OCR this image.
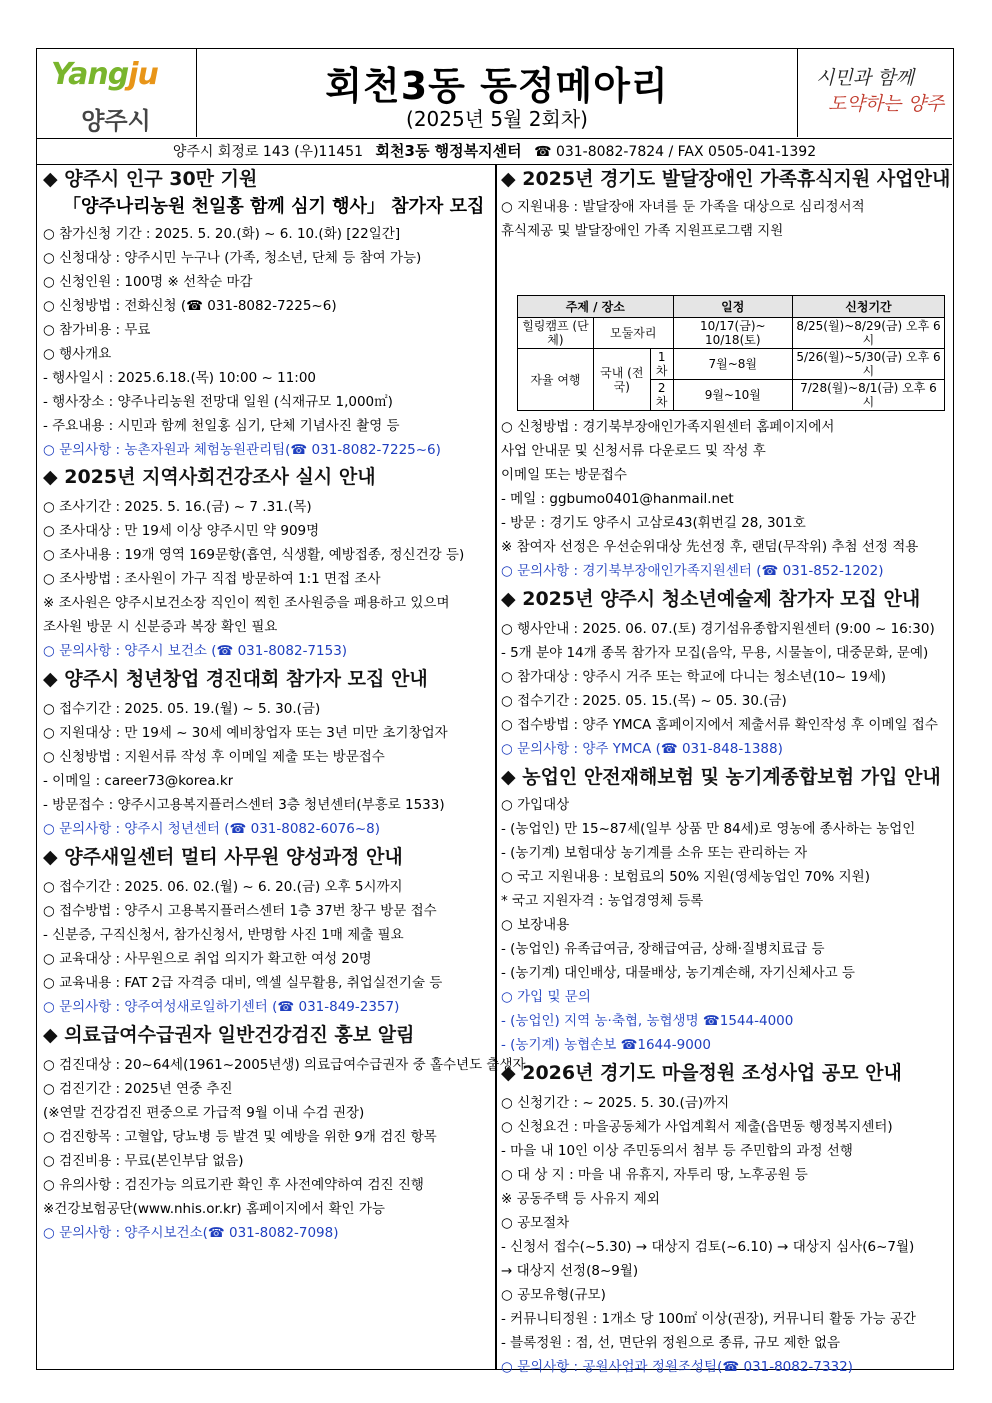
Yangju
양주시
회천3동 동정메아리
(2025년 5월 2회차)
시민과 함께
도약하는 양주
양주시 회정로 143 (우)11451 회천3동 행정복지센터 ☎ 031-8082-7824 / FAX 0505-041-1392
◆ 양주시 인구 30만 기원
「양주나리농원 천일홍 함께 심기 행사」 참가자 모집
○ 참가신청 기간 : 2025. 5. 20.(화) ~ 6. 10.(화) [22일간]
○ 신청대상 : 양주시민 누구나 (가족, 청소년, 단체 등 참여 가능)
○ 신청인원 : 100명 ※ 선착순 마감
○ 신청방법 : 전화신청 (☎ 031-8082-7225~6)
○ 참가비용 : 무료
○ 행사개요
- 행사일시 : 2025.6.18.(목) 10:00 ~ 11:00
- 행사장소 : 양주나리농원 전망대 일원 (식재규모 1,000㎡)
- 주요내용 : 시민과 함께 천일홍 심기, 단체 기념사진 촬영 등
○ 문의사항 : 농촌자원과 체험농원관리팀(☎ 031-8082-7225~6)
◆ 2025년 지역사회건강조사 실시 안내
○ 조사기간 : 2025. 5. 16.(금) ~ 7 .31.(목)
○ 조사대상 : 만 19세 이상 양주시민 약 909명
○ 조사내용 : 19개 영역 169문항(흡연, 식생활, 예방접종, 정신건강 등)
○ 조사방법 : 조사원이 가구 직접 방문하여 1:1 면접 조사
※ 조사원은 양주시보건소장 직인이 찍힌 조사원증을 패용하고 있으며
조사원 방문 시 신분증과 복장 확인 필요
○ 문의사항 : 양주시 보건소 (☎ 031-8082-7153)
◆ 양주시 청년창업 경진대회 참가자 모집 안내
○ 접수기간 : 2025. 05. 19.(월) ~ 5. 30.(금)
○ 지원대상 : 만 19세 ~ 30세 예비창업자 또는 3년 미만 초기창업자
○ 신청방법 : 지원서류 작성 후 이메일 제출 또는 방문접수
- 이메일 : career73@korea.kr
- 방문접수 : 양주시고용복지플러스센터 3층 청년센터(부흥로 1533)
○ 문의사항 : 양주시 청년센터 (☎ 031-8082-6076~8)
◆ 양주새일센터 멀티 사무원 양성과정 안내
○ 접수기간 : 2025. 06. 02.(월) ~ 6. 20.(금) 오후 5시까지
○ 접수방법 : 양주시 고용복지플러스센터 1층 37번 창구 방문 접수
- 신분증, 구직신청서, 참가신청서, 반명함 사진 1매 제출 필요
○ 교육대상 : 사무원으로 취업 의지가 확고한 여성 20명
○ 교육내용 : FAT 2급 자격증 대비, 엑셀 실무활용, 취업실전기술 등
○ 문의사항 : 양주여성새로일하기센터 (☎ 031-849-2357)
◆ 의료급여수급권자 일반건강검진 홍보 알림
○ 검진대상 : 20~64세(1961~2005년생) 의료급여수급권자 중 홀수년도 출생자
○ 검진기간 : 2025년 연중 추진
(※연말 건강검진 편중으로 가급적 9월 이내 수검 권장)
○ 검진항목 : 고혈압, 당뇨병 등 발견 및 예방을 위한 9개 검진 항목
○ 검진비용 : 무료(본인부담 없음)
○ 유의사항 : 검진가능 의료기관 확인 후 사전예약하여 검진 진행
※건강보험공단(www.nhis.or.kr) 홈페이지에서 확인 가능
○ 문의사항 : 양주시보건소(☎ 031-8082-7098)
주제 / 장소			일정	신청기간
힐링캠프 (단체)	모둘자리		10/17(금)~ 10/18(토)	8/25(월)~8/29(금) 오후 6시
자율 여행	국내 (전국)	1차	7월~8월	5/26(월)~5/30(금) 오후 6시
		2차	9월~10월	7/28(월)~8/1(금) 오후 6시
◆ 2025년 경기도 발달장애인 가족휴식지원 사업안내
○ 지원내용 : 발달장애 자녀를 둔 가족을 대상으로 심리정서적
휴식제공 및 발달장애인 가족 지원프로그램 지원
○ 신청방법 : 경기북부장애인가족지원센터 홈페이지에서
사업 안내문 및 신청서류 다운로드 및 작성 후
이메일 또는 방문접수
- 메일 : ggbumo0401@hanmail.net
- 방문 : 경기도 양주시 고삼로43(휘번길 28, 301호
※ 참여자 선정은 우선순위대상 先선정 후, 랜덤(무작위) 추첨 선정 적용
○ 문의사항 : 경기북부장애인가족지원센터 (☎ 031-852-1202)
◆ 2025년 양주시 청소년예술제 참가자 모집 안내
○ 행사안내 : 2025. 06. 07.(토) 경기섬유종합지원센터 (9:00 ~ 16:30)
- 5개 분야 14개 종목 참가자 모집(음악, 무용, 시물놀이, 대중문화, 문예)
○ 참가대상 : 양주시 거주 또는 학교에 다니는 청소년(10~ 19세)
○ 접수기간 : 2025. 05. 15.(목) ~ 05. 30.(금)
○ 접수방법 : 양주 YMCA 홈페이지에서 제출서류 확인작성 후 이메일 접수
○ 문의사항 : 양주 YMCA (☎ 031-848-1388)
◆ 농업인 안전재해보험 및 농기계종합보험 가입 안내
○ 가입대상
- (농업인) 만 15~87세(일부 상품 만 84세)로 영농에 종사하는 농업인
- (농기계) 보험대상 농기계를 소유 또는 관리하는 자
○ 국고 지원내용 : 보험료의 50% 지원(영세농업인 70% 지원)
* 국고 지원자격 : 농업경영체 등록
○ 보장내용
- (농업인) 유족급여금, 장해급여금, 상해·질병치료급 등
- (농기계) 대인배상, 대물배상, 농기계손해, 자기신체사고 등
○ 가입 및 문의
- (농업인) 지역 농·축협, 농협생명 ☎1544-4000
- (농기계) 농협손보 ☎1644-9000
◆ 2026년 경기도 마을정원 조성사업 공모 안내
○ 신청기간 : ~ 2025. 5. 30.(금)까지
○ 신청요건 : 마을공동체가 사업계획서 제출(읍면동 행정복지센터)
- 마을 내 10인 이상 주민동의서 첨부 등 주민합의 과정 선행
○ 대 상 지 : 마을 내 유휴지, 자투리 땅, 노후공원 등
※ 공동주택 등 사유지 제외
○ 공모절차
- 신청서 접수(~5.30) → 대상지 검토(~6.10) → 대상지 심사(6~7월)
→ 대상지 선정(8~9월)
○ 공모유형(규모)
- 커뮤니티정원 : 1개소 당 100㎡ 이상(권장), 커뮤니티 활동 가능 공간
- 블록정원 : 점, 선, 면단위 정원으로 종류, 규모 제한 없음
○ 문의사항 : 공원사업과 정원조성팀(☎ 031-8082-7332)
